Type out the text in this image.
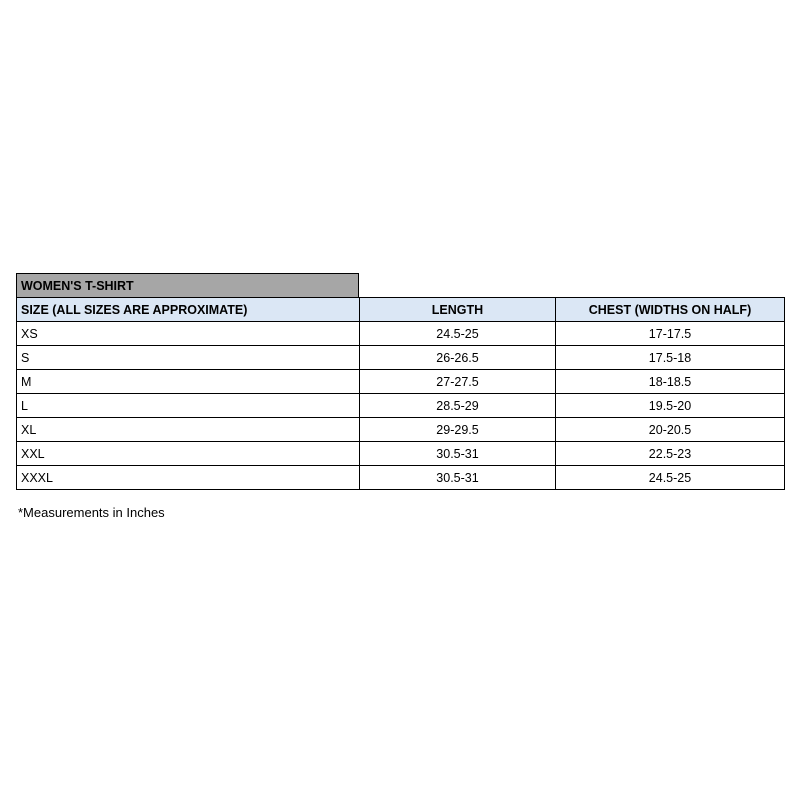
WOMEN'S T-SHIRT
SIZE (ALL SIZES ARE APPROXIMATE)	LENGTH	CHEST (WIDTHS ON HALF)
XS	24.5-25	17-17.5
S	26-26.5	17.5-18
M	27-27.5	18-18.5
L	28.5-29	19.5-20
XL	29-29.5	20-20.5
XXL	30.5-31	22.5-23
XXXL	30.5-31	24.5-25
*Measurements in Inches
